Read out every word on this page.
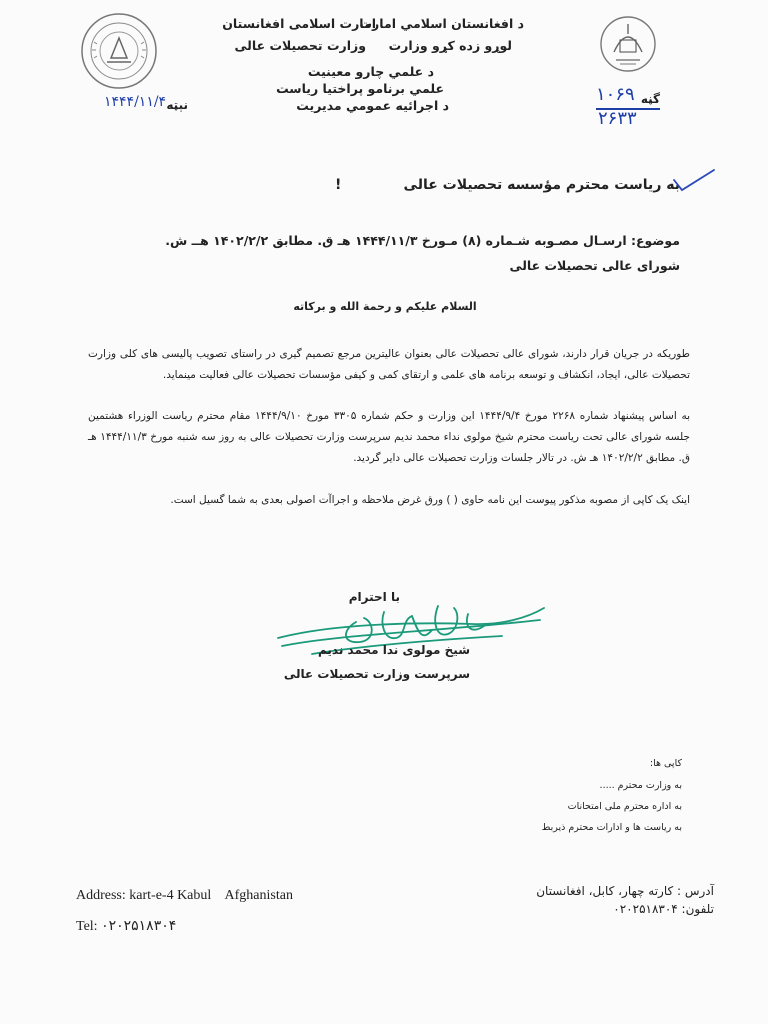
د افغانستان اسلامي امارت
امارت اسلامی افغانستان
لوړو زده کړو وزارت
وزارت تحصیلات عالی
د علمي چارو معينيت
علمي برنامو پراختيا رياست
د اجرائيه عمومي مديريت	گڼه
۱۰۶۹
۲۶۳۳
نېټه
۱۴۴۴/۱۱/۴
به ریاست محترم مؤسسه تحصیلات عالی
!
موضوع: ارسـال مصـوبه شـماره (۸) مـورخ ۱۴۴۴/۱۱/۳ هـ ق. مطابق ۱۴۰۲/۲/۲ هــ ش.
شورای عالی تحصیلات عالی
السلام علیکم و رحمة الله و برکاته
طوریکه در جریان قرار دارند، شورای عالی تحصیلات عالی بعنوان عالیترین مرجع تصمیم گیری در راستای تصویب پالیسی های کلی وزارت تحصیلات عالی، ایجاد، انکشاف و توسعه برنامه های علمی و ارتقای کمی و کیفی مؤسسات تحصیلات عالی فعالیت مینماید.
به اساس پیشنهاد شماره ۲۲۶۸ مورخ ۱۴۴۴/۹/۴ این وزارت و حکم شماره ۳۳۰۵ مورخ ۱۴۴۴/۹/۱۰ مقام محترم ریاست الوزراء هشتمین جلسه شورای عالی تحت ریاست محترم شیخ مولوی نداء محمد ندیم سرپرست وزارت تحصیلات عالی به روز سه شنبه مورخ ۱۴۴۴/۱۱/۳ هـ ق. مطابق ۱۴۰۲/۲/۲ هـ ش. در تالار جلسات وزارت تحصیلات عالی دایر گردید.
اینک یک کاپی از مصوبه مذکور پیوست این نامه حاوی ( ) ورق غرض ملاحظه و اجراآت اصولی بعدی به شما گسیل است.
با احترام
شیخ مولوی ندا محمد ندیم
سرپرست وزارت تحصیلات عالی
کاپی ها:
به وزارت محترم .....
به اداره محترم ملی امتحانات
به ریاست ها و ادارات محترم ذیربط
Address: kart-e-4 Kabul    Afghanistan
Tel: ۰۲۰۲۵۱۸۳۰۴
آدرس : کارته چهار، کابل، افغانستان
تلفون: ۰۲۰۲۵۱۸۳۰۴
